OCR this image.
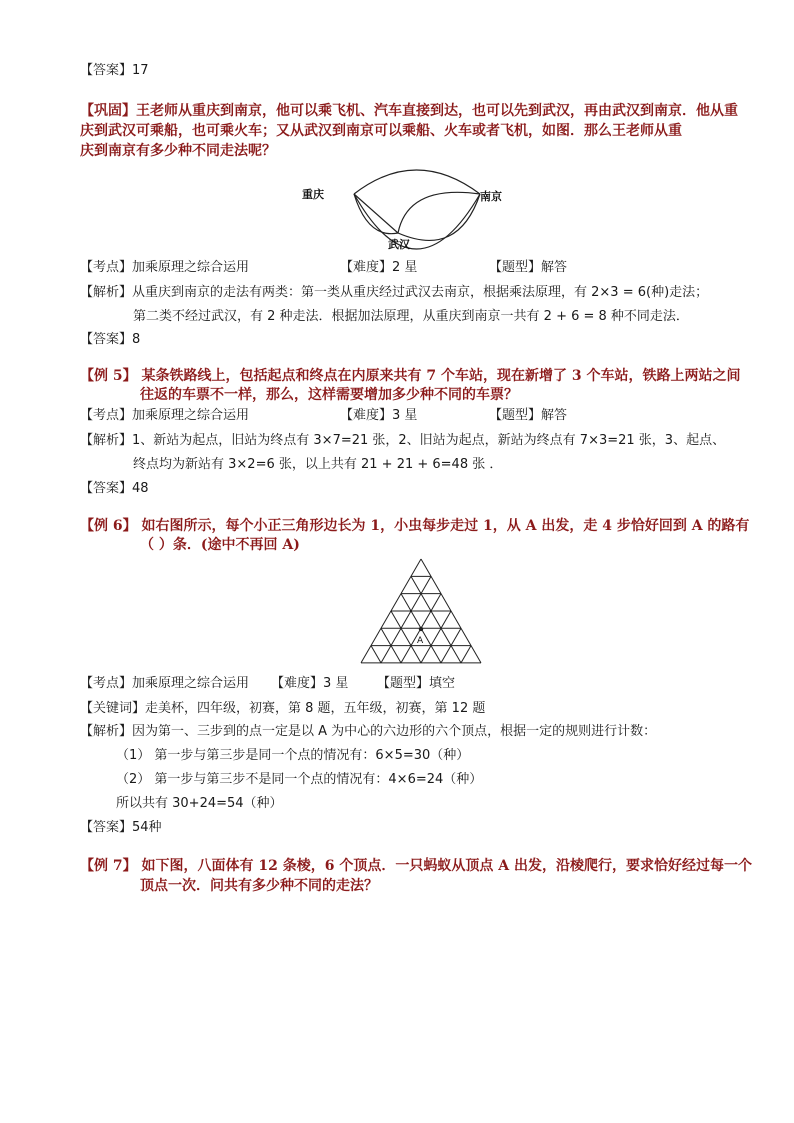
【答案】17
【巩固】王老师从重庆到南京，他可以乘飞机、汽车直接到达，也可以先到武汉，再由武汉到南京．他从重
庆到武汉可乘船，也可乘火车；又从武汉到南京可以乘船、火车或者飞机，如图．那么王老师从重
庆到南京有多少种不同走法呢？
重庆	南京
武汉
【考点】加乘原理之综合运用	【难度】2 星	【题型】解答
【解析】从重庆到南京的走法有两类：第一类从重庆经过武汉去南京，根据乘法原理，有 2×3 = 6(种)走法；
第二类不经过武汉，有 2 种走法．根据加法原理，从重庆到南京一共有 2 + 6 = 8 种不同走法．
【答案】8
【例 5】 某条铁路线上，包括起点和终点在内原来共有 7 个车站，现在新增了 3 个车站，铁路上两站之间
往返的车票不一样，那么，这样需要增加多少种不同的车票？
【考点】加乘原理之综合运用	【难度】3 星	【题型】解答
【解析】1、新站为起点，旧站为终点有 3×7=21 张，2、旧站为起点，新站为终点有 7×3=21 张，3、起点、
终点均为新站有 3×2=6 张，以上共有 21 + 21 + 6=48 张 ．
【答案】48
【例 6】 如右图所示，每个小正三角形边长为 1，小虫每步走过 1，从 A 出发，走 4 步恰好回到 A 的路有
（ ）条．(途中不再回 A)
A
【考点】加乘原理之综合运用 【难度】3 星 【题型】填空
【关键词】走美杯，四年级，初赛，第 8 题，五年级，初赛，第 12 题
【解析】因为第一、三步到的点一定是以 A 为中心的六边形的六个顶点，根据一定的规则进行计数：
（1） 第一步与第三步是同一个点的情况有：6×5=30（种）
（2） 第一步与第三步不是同一个点的情况有：4×6=24（种）
所以共有 30+24=54（种）
【答案】54种
【例 7】 如下图，八面体有 12 条棱，6 个顶点．一只蚂蚁从顶点 A 出发，沿棱爬行，要求恰好经过每一个
顶点一次．问共有多少种不同的走法？
